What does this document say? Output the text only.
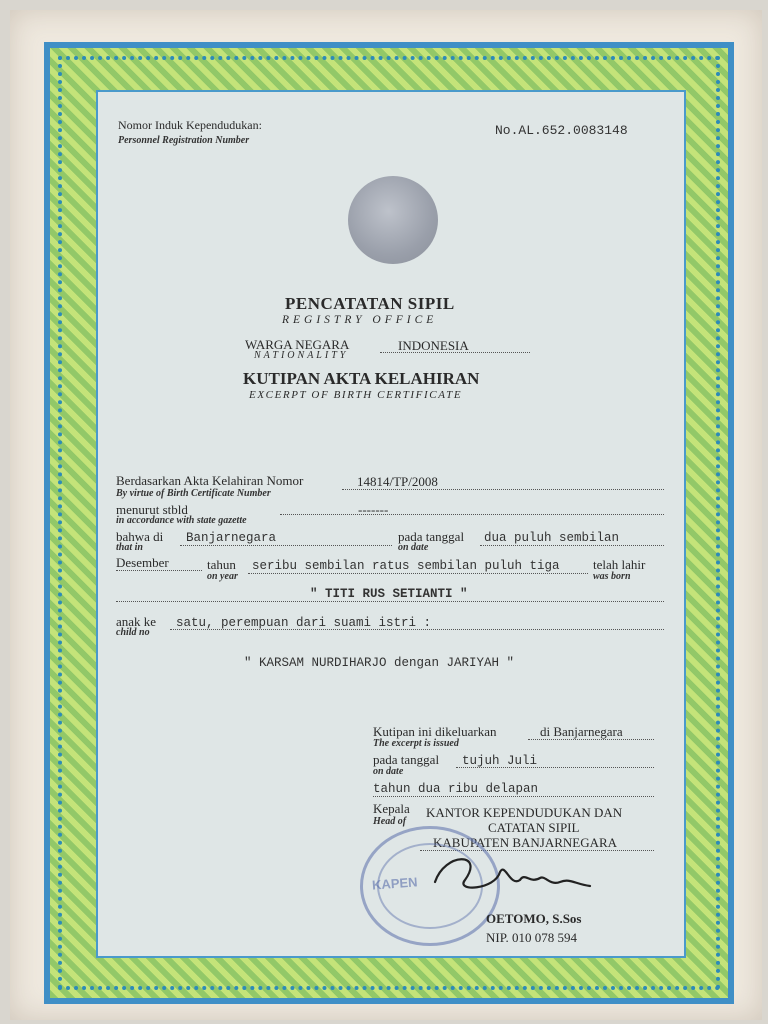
Nomor Induk Kependudukan:
Personnel Registration Number
No.AL.652.0083148
PENCATATAN SIPIL
REGISTRY OFFICE
WARGA NEGARA	INDONESIA
NATIONALITY
KUTIPAN AKTA KELAHIRAN
EXCERPT OF BIRTH CERTIFICATE
Berdasarkan Akta Kelahiran Nomor	14814/TP/2008
By virtue of Birth Certificate Number
menurut stbld	-------
in accordance with state gazette
bahwa di Banjarnegara
that in
pada tanggal dua puluh sembilan
on date
Desember	tahun seribu sembilan ratus sembilan puluh tiga
on year
telah lahir
was born
" TITI RUS SETIANTI "
anak ke satu, perempuan dari suami istri :
child no
" KARSAM NURDIHARJO dengan JARIYAH "
Kutipan ini dikeluarkan	di Banjarnegara
The excerpt is issued
pada tanggal tujuh Juli
on date
tahun dua ribu delapan
Kepala
Head of
KANTOR KEPENDUDUKAN DAN
CATATAN SIPIL
KABUPATEN BANJARNEGARA
KAPEN
OETOMO, S.Sos
NIP. 010 078 594
